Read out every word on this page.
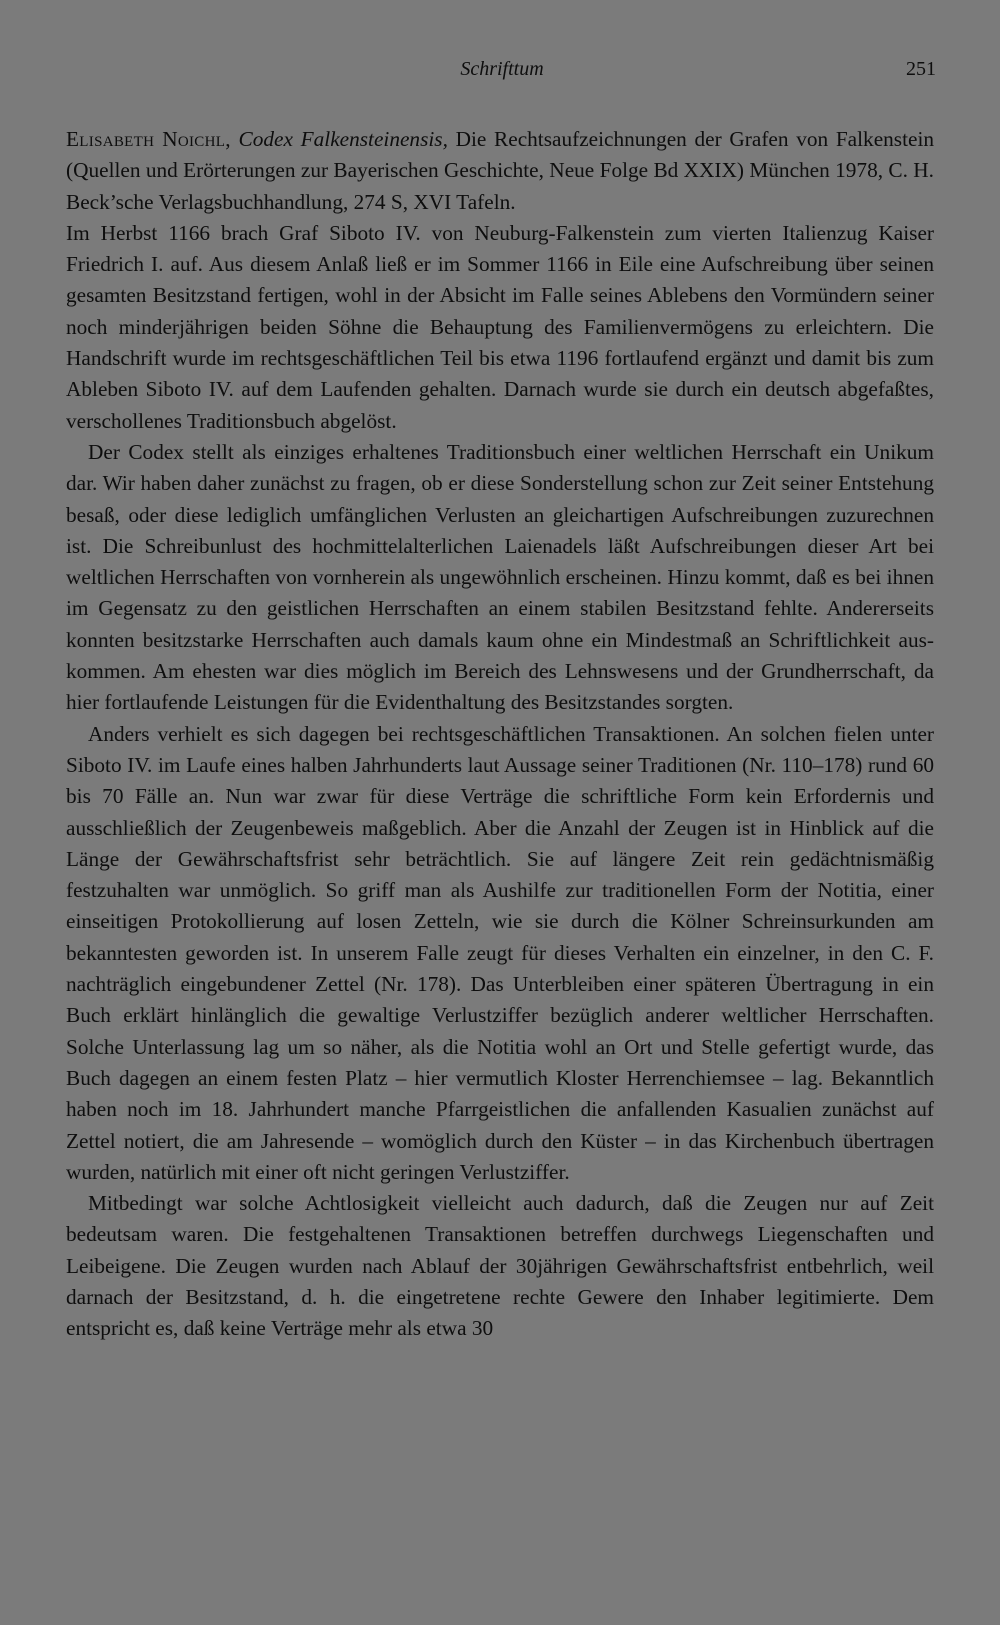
Schrifttum	251

Elisabeth Noichl, Codex Falkensteinensis, Die Rechtsaufzeichnungen der Grafen von Falkenstein (Quellen und Erörterungen zur Bayerischen Geschichte, Neue Folge Bd XXIX) München 1978, C. H. Beck’sche Verlagsbuchhandlung, 274 S, XVI Tafeln.

Im Herbst 1166 brach Graf Siboto IV. von Neuburg-Falkenstein zum vierten Italienzug Kaiser Friedrich I. auf. Aus diesem Anlaß ließ er im Sommer 1166 in Eile eine Aufschreibung über seinen gesamten Besitzstand fertigen, wohl in der Absicht im Falle seines Ablebens den Vormündern seiner noch minderjährigen beiden Söhne die Behauptung des Familienvermögens zu erleichtern. Die Handschrift wurde im rechtsgeschäftlichen Teil bis etwa 1196 fortlaufend ergänzt und damit bis zum Ableben Siboto IV. auf dem Laufenden gehalten. Darnach wurde sie durch ein deutsch abgefaßtes, verschollenes Traditionsbuch abgelöst.

Der Codex stellt als einziges erhaltenes Traditionsbuch einer weltlichen Herrschaft ein Unikum dar. Wir haben daher zunächst zu fragen, ob er diese Sonderstellung schon zur Zeit seiner Entstehung besaß, oder diese lediglich umfänglichen Verlusten an gleichartigen Aufschreibungen zuzurechnen ist. Die Schreibunlust des hochmittelalterlichen Laienadels läßt Aufschreibungen dieser Art bei weltlichen Herrschaften von vornherein als ungewöhnlich erscheinen. Hinzu kommt, daß es bei ihnen im Gegensatz zu den geistlichen Herrschaften an einem stabilen Besitzstand fehlte. Andererseits konnten besitzstarke Herrschaften auch damals kaum ohne ein Mindestmaß an Schriftlichkeit auskommen. Am ehesten war dies möglich im Bereich des Lehnswesens und der Grundherrschaft, da hier fortlaufende Leistungen für die Evidenthaltung des Besitzstandes sorgten.

Anders verhielt es sich dagegen bei rechtsgeschäftlichen Transaktionen. An solchen fielen unter Siboto IV. im Laufe eines halben Jahrhunderts laut Aussage seiner Traditionen (Nr. 110–178) rund 60 bis 70 Fälle an. Nun war zwar für diese Verträge die schriftliche Form kein Erfordernis und ausschließlich der Zeugenbeweis maßgeblich. Aber die Anzahl der Zeugen ist in Hinblick auf die Länge der Gewährschaftsfrist sehr beträchtlich. Sie auf längere Zeit rein gedächtnismäßig festzuhalten war unmöglich. So griff man als Aushilfe zur traditionellen Form der Notitia, einer einseitigen Protokollierung auf losen Zetteln, wie sie durch die Kölner Schreinsurkunden am bekanntesten geworden ist. In unserem Falle zeugt für dieses Verhalten ein einzelner, in den C. F. nachträglich eingebundener Zettel (Nr. 178). Das Unterbleiben einer späteren Übertragung in ein Buch erklärt hinlänglich die gewaltige Verlustziffer bezüglich anderer weltlicher Herrschaften. Solche Unterlassung lag um so näher, als die Notitia wohl an Ort und Stelle gefertigt wurde, das Buch dagegen an einem festen Platz – hier vermutlich Kloster Herrenchiemsee – lag. Bekanntlich haben noch im 18. Jahrhundert manche Pfarrgeistlichen die anfallenden Kasualien zunächst auf Zettel notiert, die am Jahresende – womöglich durch den Küster – in das Kirchenbuch übertragen wurden, natürlich mit einer oft nicht geringen Verlustziffer.

Mitbedingt war solche Achtlosigkeit vielleicht auch dadurch, daß die Zeugen nur auf Zeit bedeutsam waren. Die festgehaltenen Transaktionen betreffen durchwegs Liegenschaften und Leibeigene. Die Zeugen wurden nach Ablauf der 30jährigen Gewährschaftsfrist entbehrlich, weil darnach der Besitzstand, d. h. die eingetretene rechte Gewere den Inhaber legitimierte. Dem entspricht es, daß keine Verträge mehr als etwa 30
